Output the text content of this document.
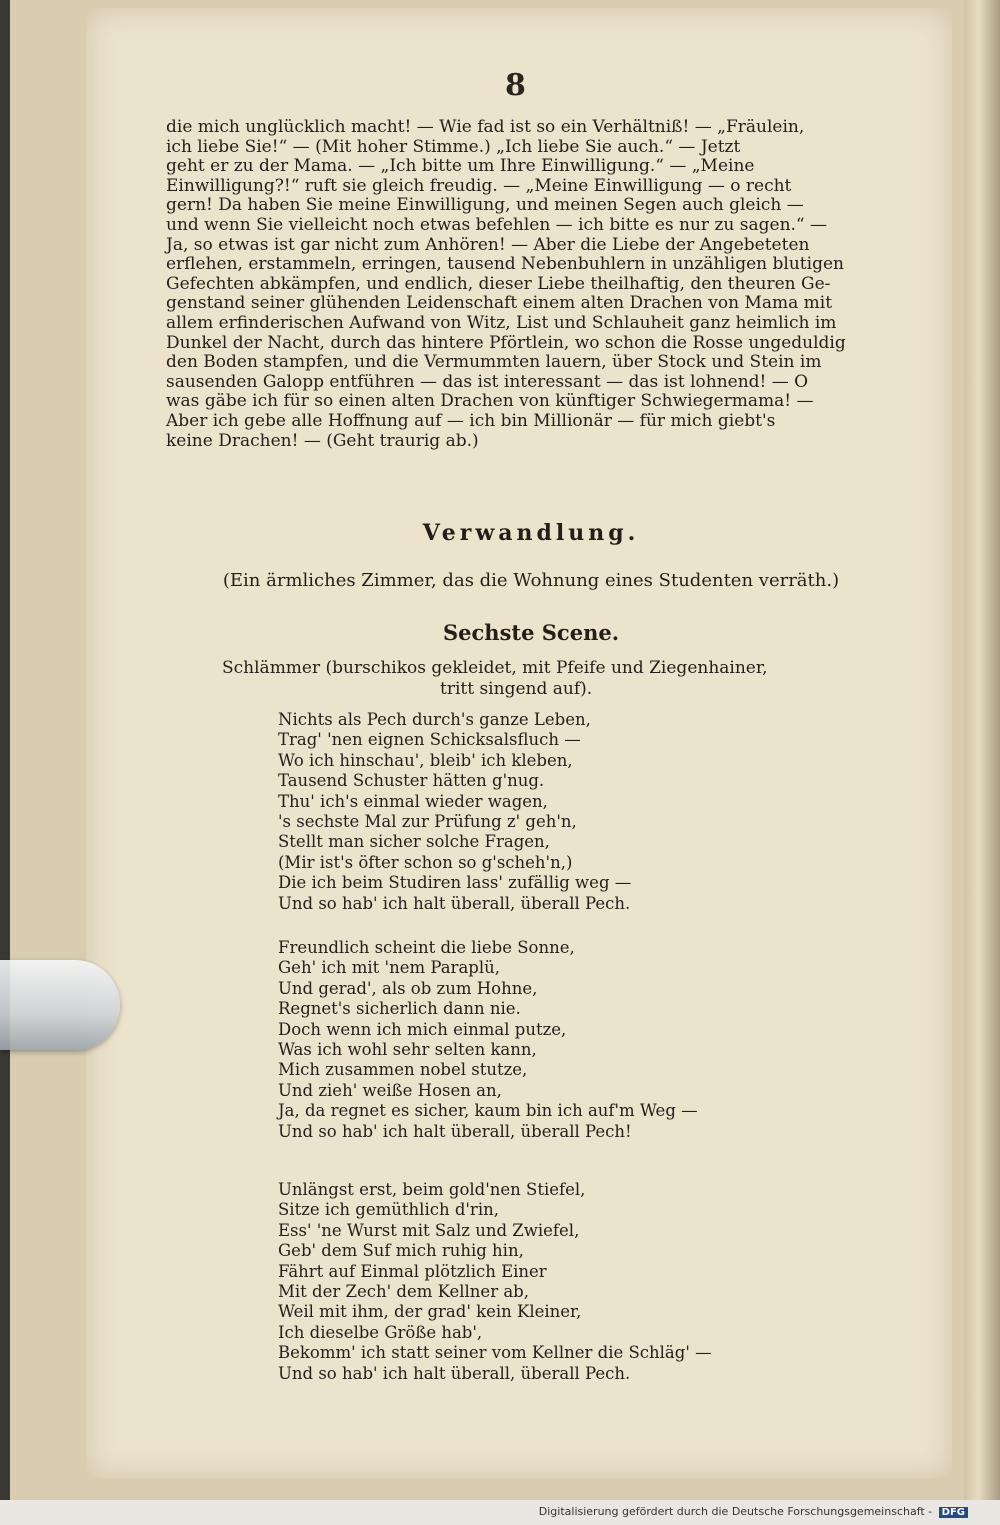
8

die mich unglücklich macht! — Wie fad ist so ein Verhältniß! — „Fräulein,

ich liebe Sie!“ — (Mit hoher Stimme.) „Ich liebe Sie auch.“ — Jetzt

geht er zu der Mama. — „Ich bitte um Ihre Einwilligung.“ — „Meine

Einwilligung?!“ ruft sie gleich freudig. — „Meine Einwilligung — o recht

gern! Da haben Sie meine Einwilligung, und meinen Segen auch gleich —

und wenn Sie vielleicht noch etwas befehlen — ich bitte es nur zu sagen.“ —

Ja, so etwas ist gar nicht zum Anhören! — Aber die Liebe der Angebeteten

erflehen, erstammeln, erringen, tausend Nebenbuhlern in unzähligen blutigen

Gefechten abkämpfen, und endlich, dieser Liebe theilhaftig, den theuren Ge-

genstand seiner glühenden Leidenschaft einem alten Drachen von Mama mit

allem erfinderischen Aufwand von Witz, List und Schlauheit ganz heimlich im

Dunkel der Nacht, durch das hintere Pförtlein, wo schon die Rosse ungeduldig

den Boden stampfen, und die Vermummten lauern, über Stock und Stein im

sausenden Galopp entführen — das ist interessant — das ist lohnend! — O

was gäbe ich für so einen alten Drachen von künftiger Schwiegermama! —

Aber ich gebe alle Hoffnung auf — ich bin Millionär — für mich giebt's

keine Drachen! — (Geht traurig ab.)

Verwandlung.
(Ein ärmliches Zimmer, das die Wohnung eines Studenten verräth.)
Sechste Scene.
Schlämmer (burschikos gekleidet, mit Pfeife und Ziegenhainer,
tritt singend auf).
Nichts als Pech durch's ganze Leben,
Trag' 'nen eignen Schicksalsfluch —
Wo ich hinschau', bleib' ich kleben,
Tausend Schuster hätten g'nug.
Thu' ich's einmal wieder wagen,
's sechste Mal zur Prüfung z' geh'n,
Stellt man sicher solche Fragen,
(Mir ist's öfter schon so g'scheh'n,)
Die ich beim Studiren lass' zufällig weg —
Und so hab' ich halt überall, überall Pech.
Freundlich scheint die liebe Sonne,
Geh' ich mit 'nem Paraplü,
Und gerad', als ob zum Hohne,
Regnet's sicherlich dann nie.
Doch wenn ich mich einmal putze,
Was ich wohl sehr selten kann,
Mich zusammen nobel stutze,
Und zieh' weiße Hosen an,
Ja, da regnet es sicher, kaum bin ich auf'm Weg —
Und so hab' ich halt überall, überall Pech!
Unlängst erst, beim gold'nen Stiefel,
Sitze ich gemüthlich d'rin,
Ess' 'ne Wurst mit Salz und Zwiefel,
Geb' dem Suf mich ruhig hin,
Fährt auf Einmal plötzlich Einer
Mit der Zech' dem Kellner ab,
Weil mit ihm, der grad' kein Kleiner,
Ich dieselbe Größe hab',
Bekomm' ich statt seiner vom Kellner die Schläg' —
Und so hab' ich halt überall, überall Pech.
Digitalisierung gefördert durch die Deutsche Forschungsgemeinschaft - DFG
